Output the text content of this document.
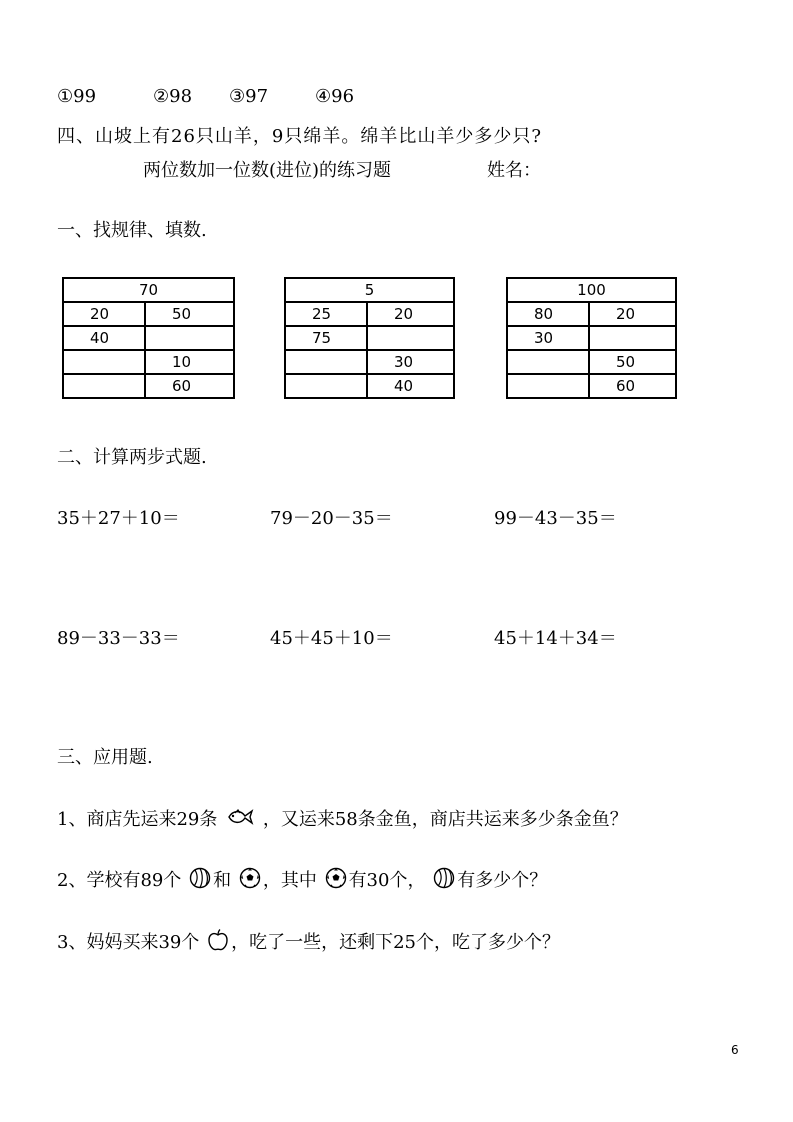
①99	②98 ③97	④96
四、山坡上有26只山羊，9只绵羊。绵羊比山羊少多少只?
两位数加一位数(进位)的练习题	姓名：
一、找规律、填数.
70	
20	50
40	
	10
	60
5	
25	20
75	
	30
	40
100	
80	20
30	
	50
	60
二、计算两步式题.
35＋27＋10＝	79－20－35＝	99－43－35＝
89－33－33＝	45＋45＋10＝	45＋14＋34＝
三、应用题.
1、商店先运来29条	，又运来58条金鱼，商店共运来多少条金鱼？
2、学校有89个 和 ，其中 有30个， 有多少个？
3、妈妈买来39个 ，吃了一些，还剩下25个，吃了多少个？
6
